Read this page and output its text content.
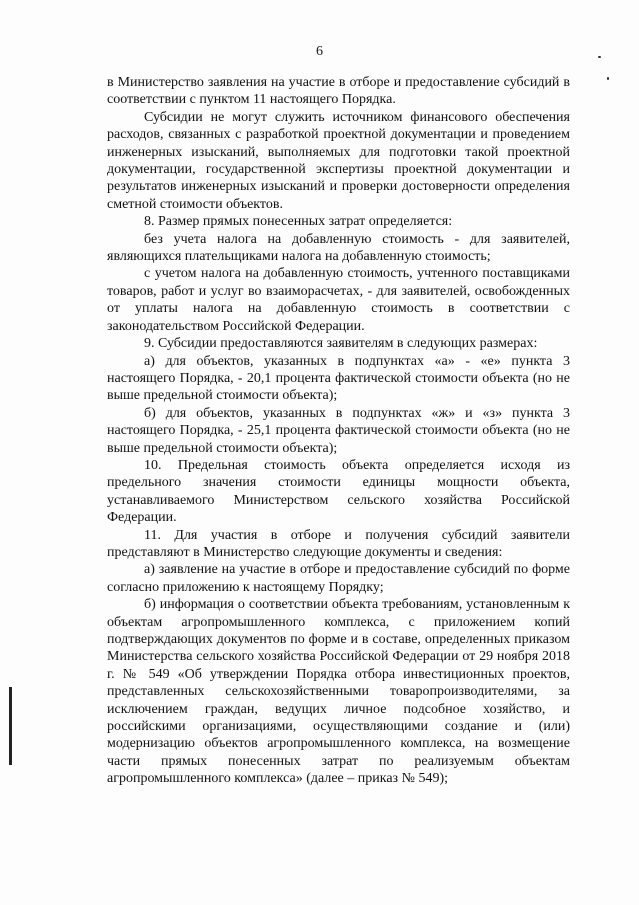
6

в Министерство заявления на участие в отборе и предоставление субсидий в соответствии с пунктом 11 настоящего Порядка.

Субсидии не могут служить источником финансового обеспечения расходов, связанных с разработкой проектной документации и проведением инженерных изысканий, выполняемых для подготовки такой проектной документации, государственной экспертизы проектной документации и результатов инженерных изысканий и проверки достоверности определения сметной стоимости объектов.

8. Размер прямых понесенных затрат определяется:

без учета налога на добавленную стоимость - для заявителей, являющихся плательщиками налога на добавленную стоимость;

с учетом налога на добавленную стоимость, учтенного поставщиками товаров, работ и услуг во взаиморасчетах, - для заявителей, освобожденных от уплаты налога на добавленную стоимость в соответствии с законодательством Российской Федерации.

9. Субсидии предоставляются заявителям в следующих размерах:

а) для объектов, указанных в подпунктах «а» - «е» пункта 3 настоящего Порядка, - 20,1 процента фактической стоимости объекта (но не выше предельной стоимости объекта);

б) для объектов, указанных в подпунктах «ж» и «з» пункта 3 настоящего Порядка, - 25,1 процента фактической стоимости объекта (но не выше предельной стоимости объекта);

10. Предельная стоимость объекта определяется исходя из предельного значения стоимости единицы мощности объекта, устанавливаемого Министерством сельского хозяйства Российской Федерации.

11. Для участия в отборе и получения субсидий заявители представляют в Министерство следующие документы и сведения:

а) заявление на участие в отборе и предоставление субсидий по форме согласно приложению к настоящему Порядку;

б) информация о соответствии объекта требованиям, установленным к объектам агропромышленного комплекса, с приложением копий подтверждающих документов по форме и в составе, определенных приказом Министерства сельского хозяйства Российской Федерации от 29 ноября 2018 г. № 549 «Об утверждении Порядка отбора инвестиционных проектов, представленных сельскохозяйственными товаропроизводителями, за исключением граждан, ведущих личное подсобное хозяйство, и российскими организациями, осуществляющими создание и (или) модернизацию объектов агропромышленного комплекса, на возмещение части прямых понесенных затрат по реализуемым объектам агропромышленного комплекса» (далее – приказ № 549);
